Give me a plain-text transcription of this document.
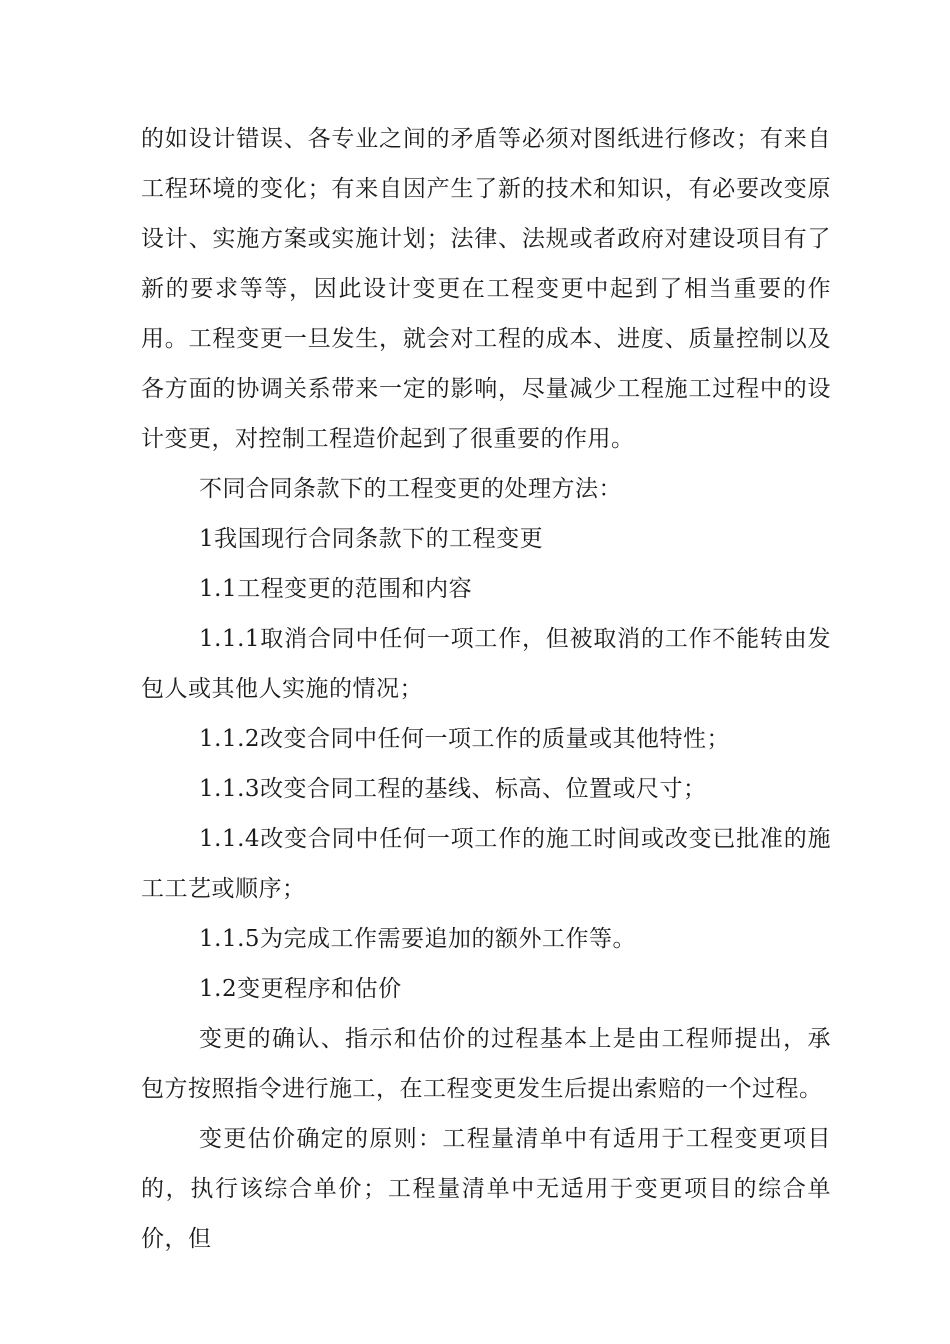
的如设计错误、各专业之间的矛盾等必须对图纸进行修改；有来自工程环境的变化；有来自因产生了新的技术和知识，有必要改变原设计、实施方案或实施计划；法律、法规或者政府对建设项目有了新的要求等等，因此设计变更在工程变更中起到了相当重要的作用。工程变更一旦发生，就会对工程的成本、进度、质量控制以及各方面的协调关系带来一定的影响，尽量减少工程施工过程中的设计变更，对控制工程造价起到了很重要的作用。

不同合同条款下的工程变更的处理方法：

1我国现行合同条款下的工程变更

1.1工程变更的范围和内容

1.1.1取消合同中任何一项工作，但被取消的工作不能转由发包人或其他人实施的情况；

1.1.2改变合同中任何一项工作的质量或其他特性；

1.1.3改变合同工程的基线、标高、位置或尺寸；

1.1.4改变合同中任何一项工作的施工时间或改变已批准的施工工艺或顺序；

1.1.5为完成工作需要追加的额外工作等。

1.2变更程序和估价

变更的确认、指示和估价的过程基本上是由工程师提出，承包方按照指令进行施工，在工程变更发生后提出索赔的一个过程。

变更估价确定的原则：工程量清单中有适用于工程变更项目的，执行该综合单价；工程量清单中无适用于变更项目的综合单价，但
